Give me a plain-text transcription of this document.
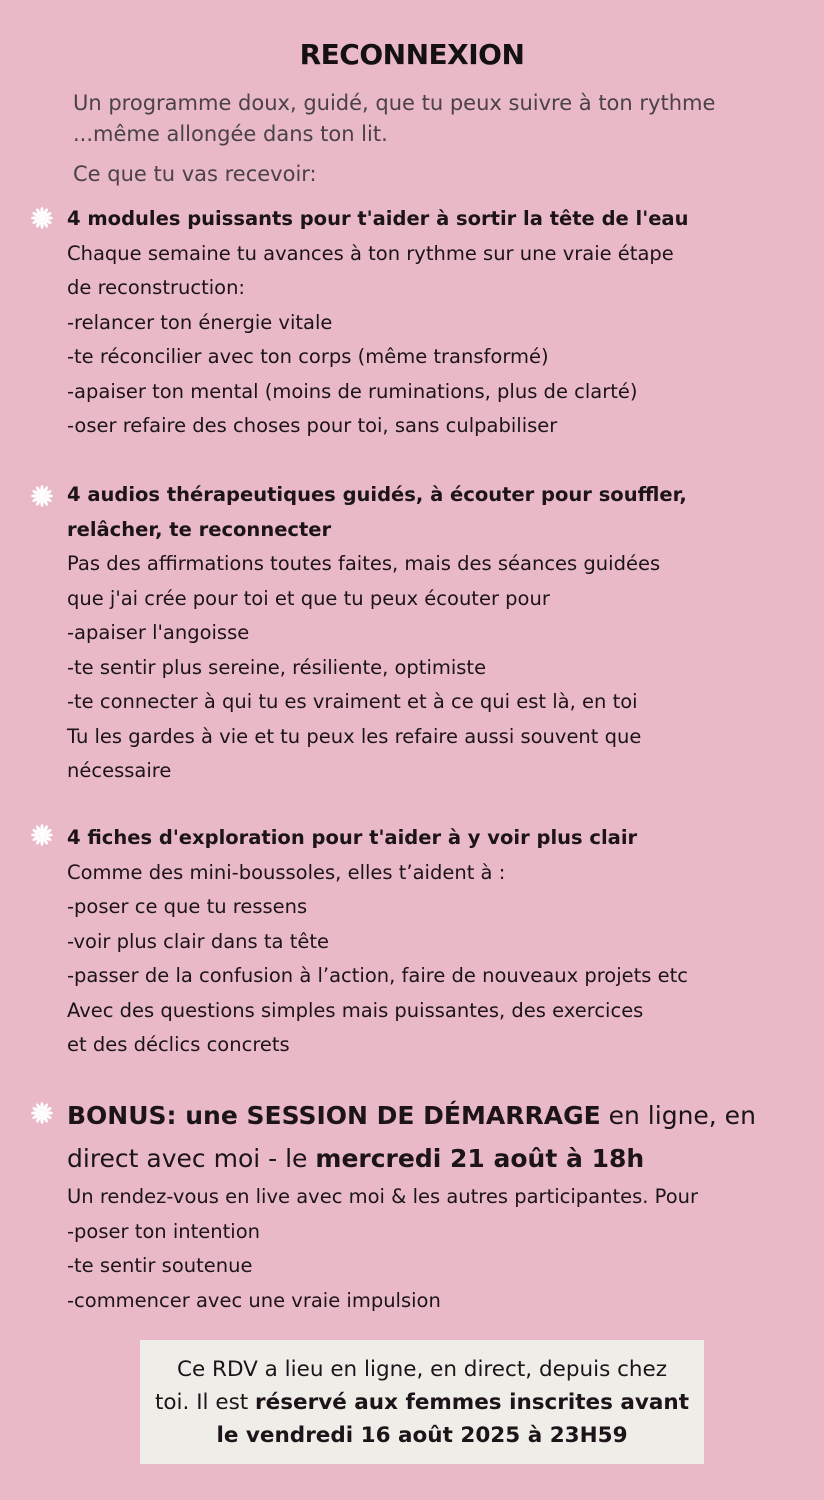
RECONNEXION
Un programme doux, guidé, que tu peux suivre à ton rythme
...même allongée dans ton lit.
Ce que tu vas recevoir:
4 modules puissants pour t'aider à sortir la tête de l'eau
Chaque semaine tu avances à ton rythme sur une vraie étape
de reconstruction:
-relancer ton énergie vitale
-te réconcilier avec ton corps (même transformé)
-apaiser ton mental (moins de ruminations, plus de clarté)
-oser refaire des choses pour toi, sans culpabiliser
4 audios thérapeutiques guidés, à écouter pour souffler,
relâcher, te reconnecter
Pas des affirmations toutes faites, mais des séances guidées
que j'ai crée pour toi et que tu peux écouter pour
-apaiser l'angoisse
-te sentir plus sereine, résiliente, optimiste
-te connecter à qui tu es vraiment et à ce qui est là, en toi
Tu les gardes à vie et tu peux les refaire aussi souvent que
nécessaire
4 fiches d'exploration pour t'aider à y voir plus clair
Comme des mini-boussoles, elles t’aident à :
-poser ce que tu ressens
-voir plus clair dans ta tête
-passer de la confusion à l’action, faire de nouveaux projets etc
Avec des questions simples mais puissantes, des exercices
et des déclics concrets
BONUS: une SESSION DE DÉMARRAGE en ligne, en
direct avec moi - le mercredi 21 août à 18h
Un rendez-vous en live avec moi & les autres participantes. Pour
-poser ton intention
-te sentir soutenue
-commencer avec une vraie impulsion
Ce RDV a lieu en ligne, en direct, depuis chez
toi. Il est réservé aux femmes inscrites avant
le vendredi 16 août 2025 à 23H59
